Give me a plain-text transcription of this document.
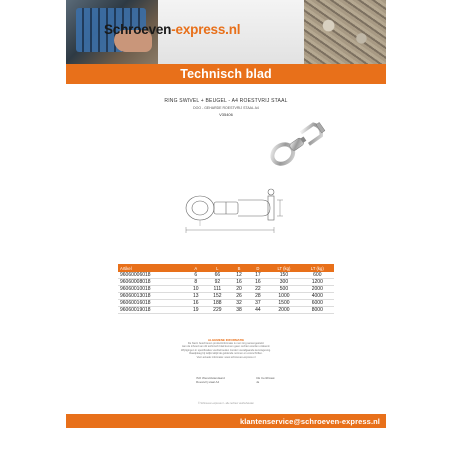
Schroeven-express.nl
Technisch blad
RING SWIVEL + BEUGEL - A4 ROESTVRIJ STAAL
DOO - GEHARDE ROESTVRIJ STAAL A4
V35406
Artikel	A	L	B	D	LT (kg)	LT (kg)
96060006018	6	66	12	17	150	600
96060008018	8	92	16	16	300	1200
96060010018	10	111	20	22	500	2000
96060013018	13	152	26	28	1000	4000
96060016018	16	188	32	37	1500	6000
96060019018	19	229	38	44	2000	8000
ALGEMENE INFORMATIE
De hierin beschreven productinformatie is met zorg samengesteld.
Aan de inhoud van dit technisch blad kunnen geen rechten worden ontleend.
Wijzigingen in specificaties voorbehouden zonder voorafgaande kennisgeving.
Raadpleeg bij twijfel altijd de geldende normen en voorschriften.
Voor actuele informatie: www.schroeven-express.nl
ISO Wereldstandaard
Roestvrij staal A4
CE Certificaat
Ja
© Schroeven-express.nl - alle rechten voorbehouden
klantenservice@schroeven-express.nl
